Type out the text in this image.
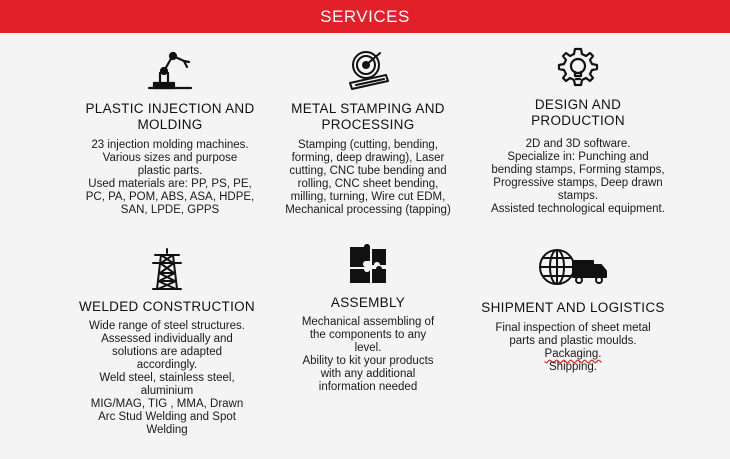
SERVICES
PLASTIC INJECTION AND
MOLDING

23 injection molding machines.
Various sizes and purpose
plastic parts.
Used materials are: PP, PS, PE,
PC, PA, POM, ABS, ASA, HDPE,
SAN, LPDE, GPPS

METAL STAMPING AND
PROCESSING

Stamping (cutting, bending,
forming, deep drawing), Laser
cutting, CNC tube bending and
rolling, CNC sheet bending,
milling, turning, Wire cut EDM,
Mechanical processing (tapping)

DESIGN AND
PRODUCTION

2D and 3D software.
Specialize in: Punching and
bending stamps, Forming stamps,
Progressive stamps, Deep drawn
stamps.
Assisted technological equipment.

WELDED CONSTRUCTION

Wide range of steel structures.
Assessed individually and
solutions are adapted
accordingly.
Weld steel, stainless steel,
aluminium
MIG/MAG, TIG , MMA, Drawn
Arc Stud Welding and Spot
Welding

ASSEMBLY

Mechanical assembling of
the components to any
level.
Ability to kit your products
with any additional
information needed

SHIPMENT AND LOGISTICS

Final inspection of sheet metal
parts and plastic moulds.
Packaging.
Shipping.
